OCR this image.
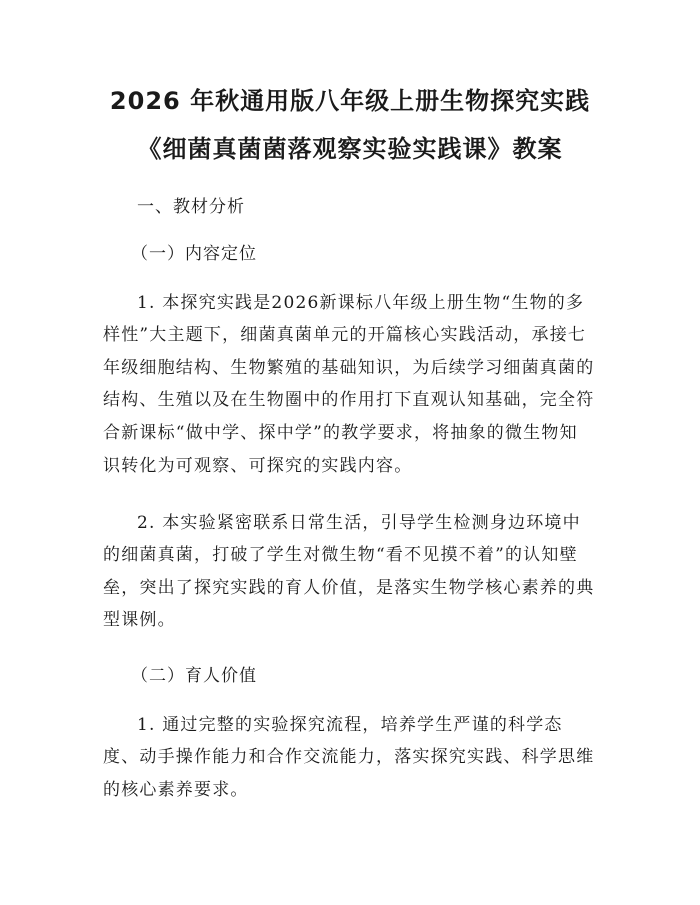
2026 年秋通用版八年级上册生物探究实践
《细菌真菌菌落观察实验实践课》教案
一、教材分析
（一）内容定位
1. 本探究实践是2026新课标八年级上册生物“生物的多
样性”大主题下，细菌真菌单元的开篇核心实践活动，承接七
年级细胞结构、生物繁殖的基础知识，为后续学习细菌真菌的
结构、生殖以及在生物圈中的作用打下直观认知基础，完全符
合新课标“做中学、探中学”的教学要求，将抽象的微生物知
识转化为可观察、可探究的实践内容。
2. 本实验紧密联系日常生活，引导学生检测身边环境中
的细菌真菌，打破了学生对微生物“看不见摸不着”的认知壁
垒，突出了探究实践的育人价值，是落实生物学核心素养的典
型课例。
（二）育人价值
1. 通过完整的实验探究流程，培养学生严谨的科学态
度、动手操作能力和合作交流能力，落实探究实践、科学思维
的核心素养要求。
